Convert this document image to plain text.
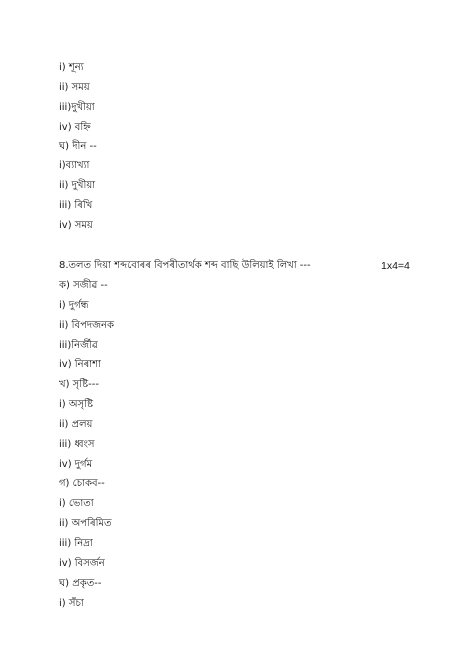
i) শূন্য
ii) সময়
iii)দুখীয়া
iv) বহ্নি
ঘ) দীন --
i)ব্যাখ্যা
ii) দুখীয়া
iii) ৰিখি
iv) সময়
8.তলত দিয়া শব্দবোৰৰ বিপৰীতাৰ্থক শব্দ বাছি উলিয়াই লিখা ---	1x4=4
ক) সজীৱ --
i) দুৰ্গন্ধ
ii) বিপদজনক
iii)নিৰ্জীৱ
iv) নিৰাশা
খ) সৃষ্টি---
i) অসৃষ্টি
ii) প্ৰলয়
iii) ধ্বংস
iv) দুৰ্গম
গ) চোকব--
i) ভোতা
ii) অপৰিমিত
iii) নিদ্ৰা
iv) বিসৰ্জন
ঘ) প্ৰকৃত--
i) সঁচা
